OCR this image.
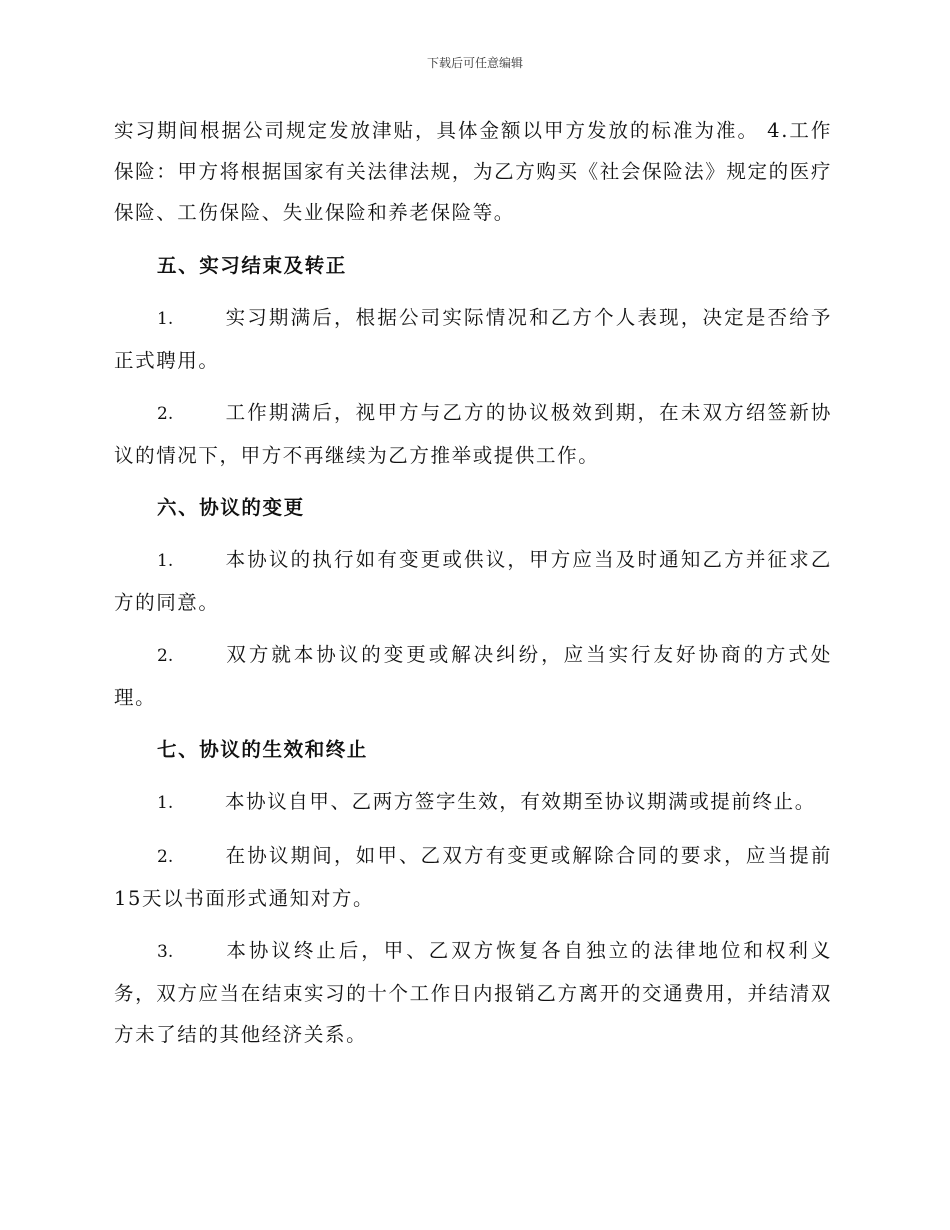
下载后可任意编辑

实习期间根据公司规定发放津贴，具体金额以甲方发放的标准为准。 4.工作保险：甲方将根据国家有关法律法规，为乙方购买《社会保险法》规定的医疗保险、工伤保险、失业保险和养老保险等。

五、实习结束及转正

1.	实习期满后，根据公司实际情况和乙方个人表现，决定是否给予正式聘用。

2.	工作期满后，视甲方与乙方的协议极效到期，在未双方绍签新协议的情况下，甲方不再继续为乙方推举或提供工作。

六、协议的变更

1.	本协议的执行如有变更或供议，甲方应当及时通知乙方并征求乙方的同意。

2.	双方就本协议的变更或解决纠纷，应当实行友好协商的方式处理。

七、协议的生效和终止

1.	本协议自甲、乙两方签字生效，有效期至协议期满或提前终止。

2.	在协议期间，如甲、乙双方有变更或解除合同的要求，应当提前15天以书面形式通知对方。

3.	本协议终止后，甲、乙双方恢复各自独立的法律地位和权利义务，双方应当在结束实习的十个工作日内报销乙方离开的交通费用，并结清双方未了结的其他经济关系。
